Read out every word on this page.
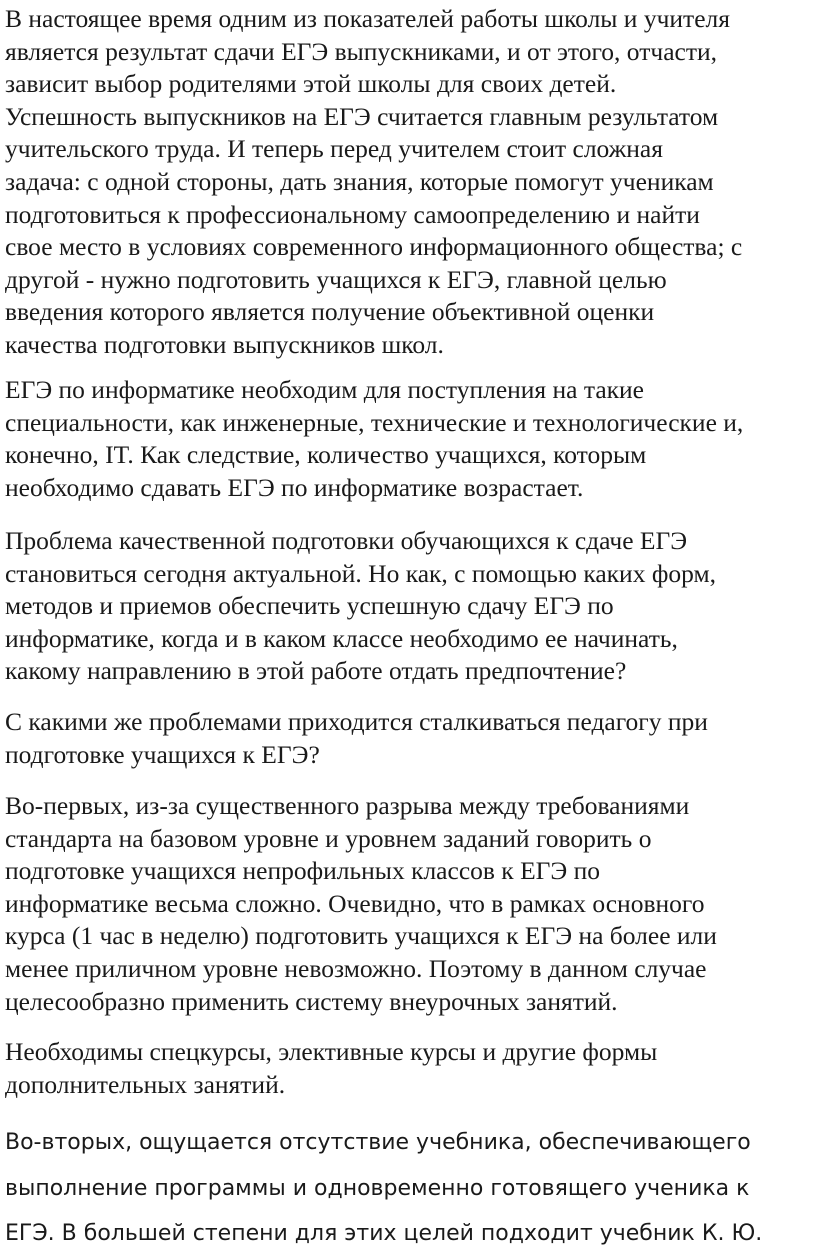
В настоящее время одним из показателей работы школы и учителя
является результат сдачи ЕГЭ выпускниками, и от этого, отчасти,
зависит выбор родителями этой школы для своих детей.
Успешность выпускников на ЕГЭ считается главным результатом
учительского труда. И теперь перед учителем стоит сложная
задача: с одной стороны, дать знания, которые помогут ученикам
подготовиться к профессиональному самоопределению и найти
свое место в условиях современного информационного общества; с
другой - нужно подготовить учащихся к ЕГЭ, главной целью
введения которого является получение объективной оценки
качества подготовки выпускников школ.

ЕГЭ по информатике необходим для поступления на такие
специальности, как инженерные, технические и технологические и,
конечно, IT. Как следствие, количество учащихся, которым
необходимо сдавать ЕГЭ по информатике возрастает.

Проблема качественной подготовки обучающихся к сдаче ЕГЭ
становиться сегодня актуальной. Но как, с помощью каких форм,
методов и приемов обеспечить успешную сдачу ЕГЭ по
информатике, когда и в каком классе необходимо ее начинать,
какому направлению в этой работе отдать предпочтение?

С какими же проблемами приходится сталкиваться педагогу при
подготовке учащихся к ЕГЭ?

Во-первых, из-за существенного разрыва между требованиями
стандарта на базовом уровне и уровнем заданий говорить о
подготовке учащихся непрофильных классов к ЕГЭ по
информатике весьма сложно. Очевидно, что в рамках основного
курса (1 час в неделю) подготовить учащихся к ЕГЭ на более или
менее приличном уровне невозможно. Поэтому в данном случае
целесообразно применить систему внеурочных занятий.

Необходимы спецкурсы, элективные курсы и другие формы
дополнительных занятий.

Во-вторых, ощущается отсутствие учебника, обеспечивающего
выполнение программы и одновременно готовящего ученика к
ЕГЭ. В большей степени для этих целей подходит учебник К. Ю.
